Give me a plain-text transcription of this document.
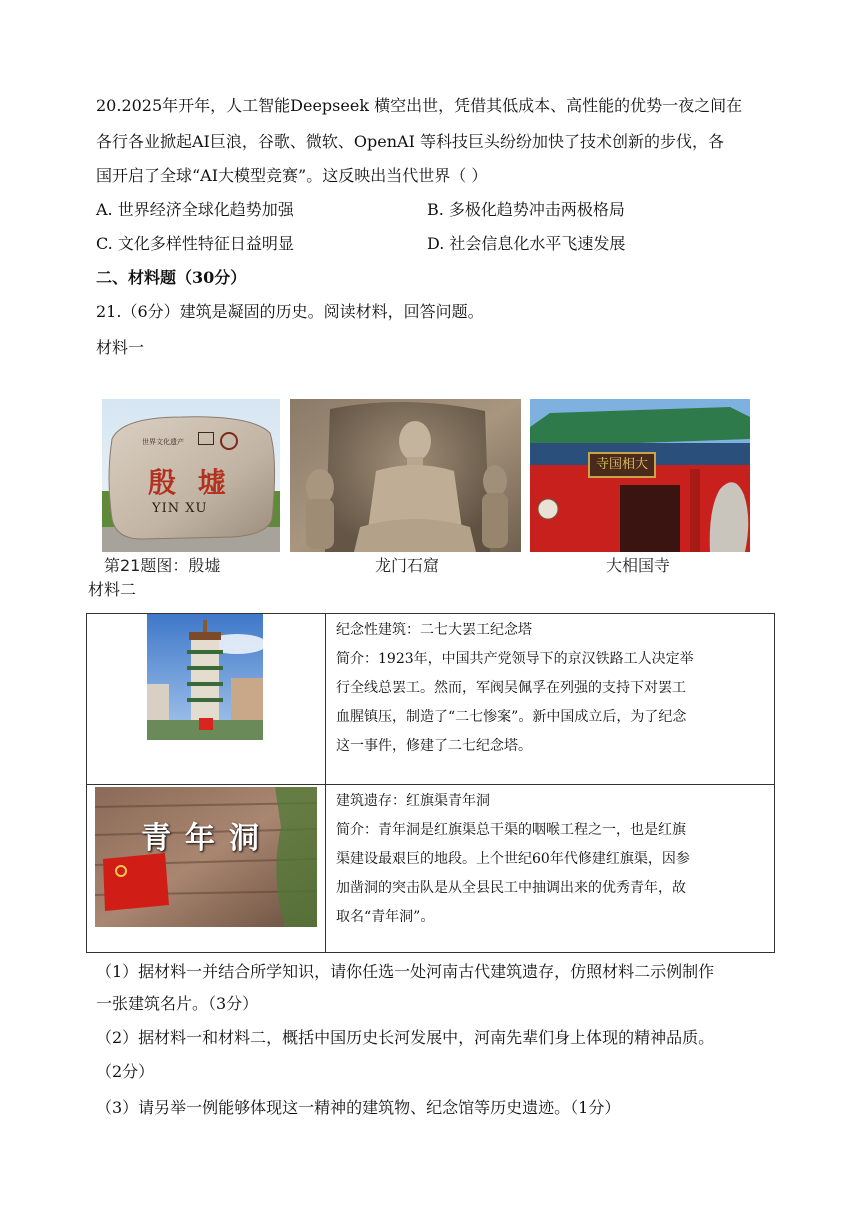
20.2025年开年，人工智能Deepseek 横空出世，凭借其低成本、高性能的优势一夜之间在
各行各业掀起AI巨浪，谷歌、微软、OpenAI 等科技巨头纷纷加快了技术创新的步伐，各
国开启了全球“AI大模型竞赛”。这反映出当代世界（ ）
A. 世界经济全球化趋势加强	B. 多极化趋势冲击两极格局
C. 文化多样性特征日益明显	D. 社会信息化水平飞速发展
二、材料题（30分）
21.（6分）建筑是凝固的历史。阅读材料，回答问题。
材料一
世界文化遗产
殷 墟
YIN XU
寺国相大
第21题图：殷墟	龙门石窟	大相国寺
材料二

纪念性建筑：二七大罢工纪念塔
简介：1923年，中国共产党领导下的京汉铁路工人决定举
行全线总罢工。然而，军阀吴佩孚在列强的支持下对罢工
血腥镇压，制造了“二七惨案”。新中国成立后，为了纪念
这一事件，修建了二七纪念塔。

青年洞	建筑遗存：红旗渠青年洞
简介：青年洞是红旗渠总干渠的咽喉工程之一，也是红旗
渠建设最艰巨的地段。上个世纪60年代修建红旗渠，因参
加凿洞的突击队是从全县民工中抽调出来的优秀青年，故
取名“青年洞”。
（1）据材料一并结合所学知识，请你任选一处河南古代建筑遗存，仿照材料二示例制作
一张建筑名片。（3分）
（2）据材料一和材料二，概括中国历史长河发展中，河南先辈们身上体现的精神品质。
（2分）
（3）请另举一例能够体现这一精神的建筑物、纪念馆等历史遗迹。（1分）
